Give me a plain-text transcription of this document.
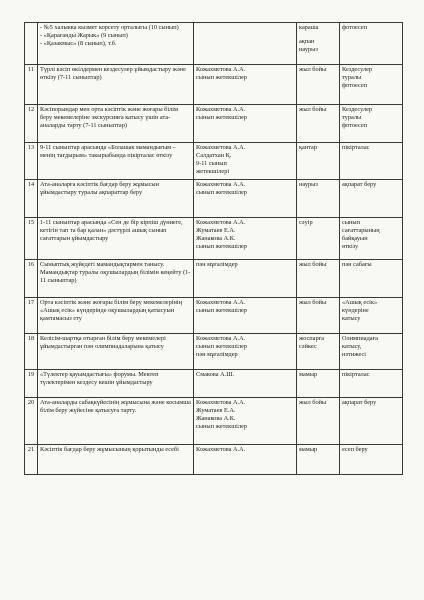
	- №5 халыкка кызмет корсету орталыгы (10 сынып)
- «Қарағанды Жарык» (9 сынып)
- «Қазакмыс» (8 сынып), т.б.		караша
ақпан
наурыз	фотоесеп

11	Түрлі кәсіп өкілдермен кездесулер ұйымдастыру және өткізу (7-11 сыныптар)	Кожахметова А.А.
сынып жетекшілер	жыл бойы	Кездесулер
туралы
фотоесеп

12	Кәсіпорындар мен орта кәсіптік және жоғары білім беру мекемелеріне экскурсияға катысу үшін ата-аналарды тарту (7-11 сыныптар)	Кожахметова А.А.
сынып жетекшілер	жыл бойы	Кездесулер
туралы
фотоесеп

13	9-11 сыныптар арасында «Болашак мамандығым – менің тағдырым» такырыбында пікірталас өткізу	Кожахметова А.А.
Салдатхан Қ.
9-11 сынып
жетекшілері	қантар	пікірталас

14	Ата-аналарға кәсіптік бағдар беру жұмысын ұйымдастыру туралы ақпараттар беру	Кожахметова А.А.
сынып жетекшілер	наурыз	ақпарат беру

15	1-11 сыныптар арасында «Сен де бір кірпіш дүниеге, кетігін тап та бар қалан» дәстүрлі ашық сынып сағаттарын ұйымдастыру	Кожахметова А.А.
Жуматаев Е.А.
Жанакова А.К.
сынып жетекшілер	сәуір	сынып
сағаттарының
байқауын
өткізу

16	Сыныптық жүйедегі мамандықтармен танысу. Мамандықтар туралы оқушылардың білімін кеңейту (1-11 сыныптар)	пән мұғалімдер	жыл бойы	пән сабағы

17	Орта кәсіптік және жоғары білім беру мекемелерінің «Ашық есік» күндерінде оқушылардың қатысуын қамтамасыз ету	Кожахметова А.А.
сынып жетекшілер	жыл бойы	«Ашық есік»
күндеріне
катысу

18	Келісім-шартқа отырған білім беру мекемелері ұйымдастырған пән олимпиадаларына қатысу	Кожахметова А.А.
сынып жетекшілер
пән мұғалімдер	жоспарға
сәйкес	Олимпиадаға
катысу,
нәтижесі

19	«Түлектер қауымдастығы» форумы. Мектеп түлектерімен кездесу кешін ұйымдастыру	Смакова А.Ш.	мамыр	пікірталас

20	Ата-аналарды сабақкүйесінің жұмысына және косымша білім беру жүйесіне қатысуға тарту.	Кожахметова А.А.
Жуматаев Е.А.
Жанакова А.К.
сынып жетекшілер	жыл бойы	ақпарат беру

21	Кәсіптік бағдар беру жұмысының қорытынды есебі	Кожахметова А.А.	мамыр	есеп беру
